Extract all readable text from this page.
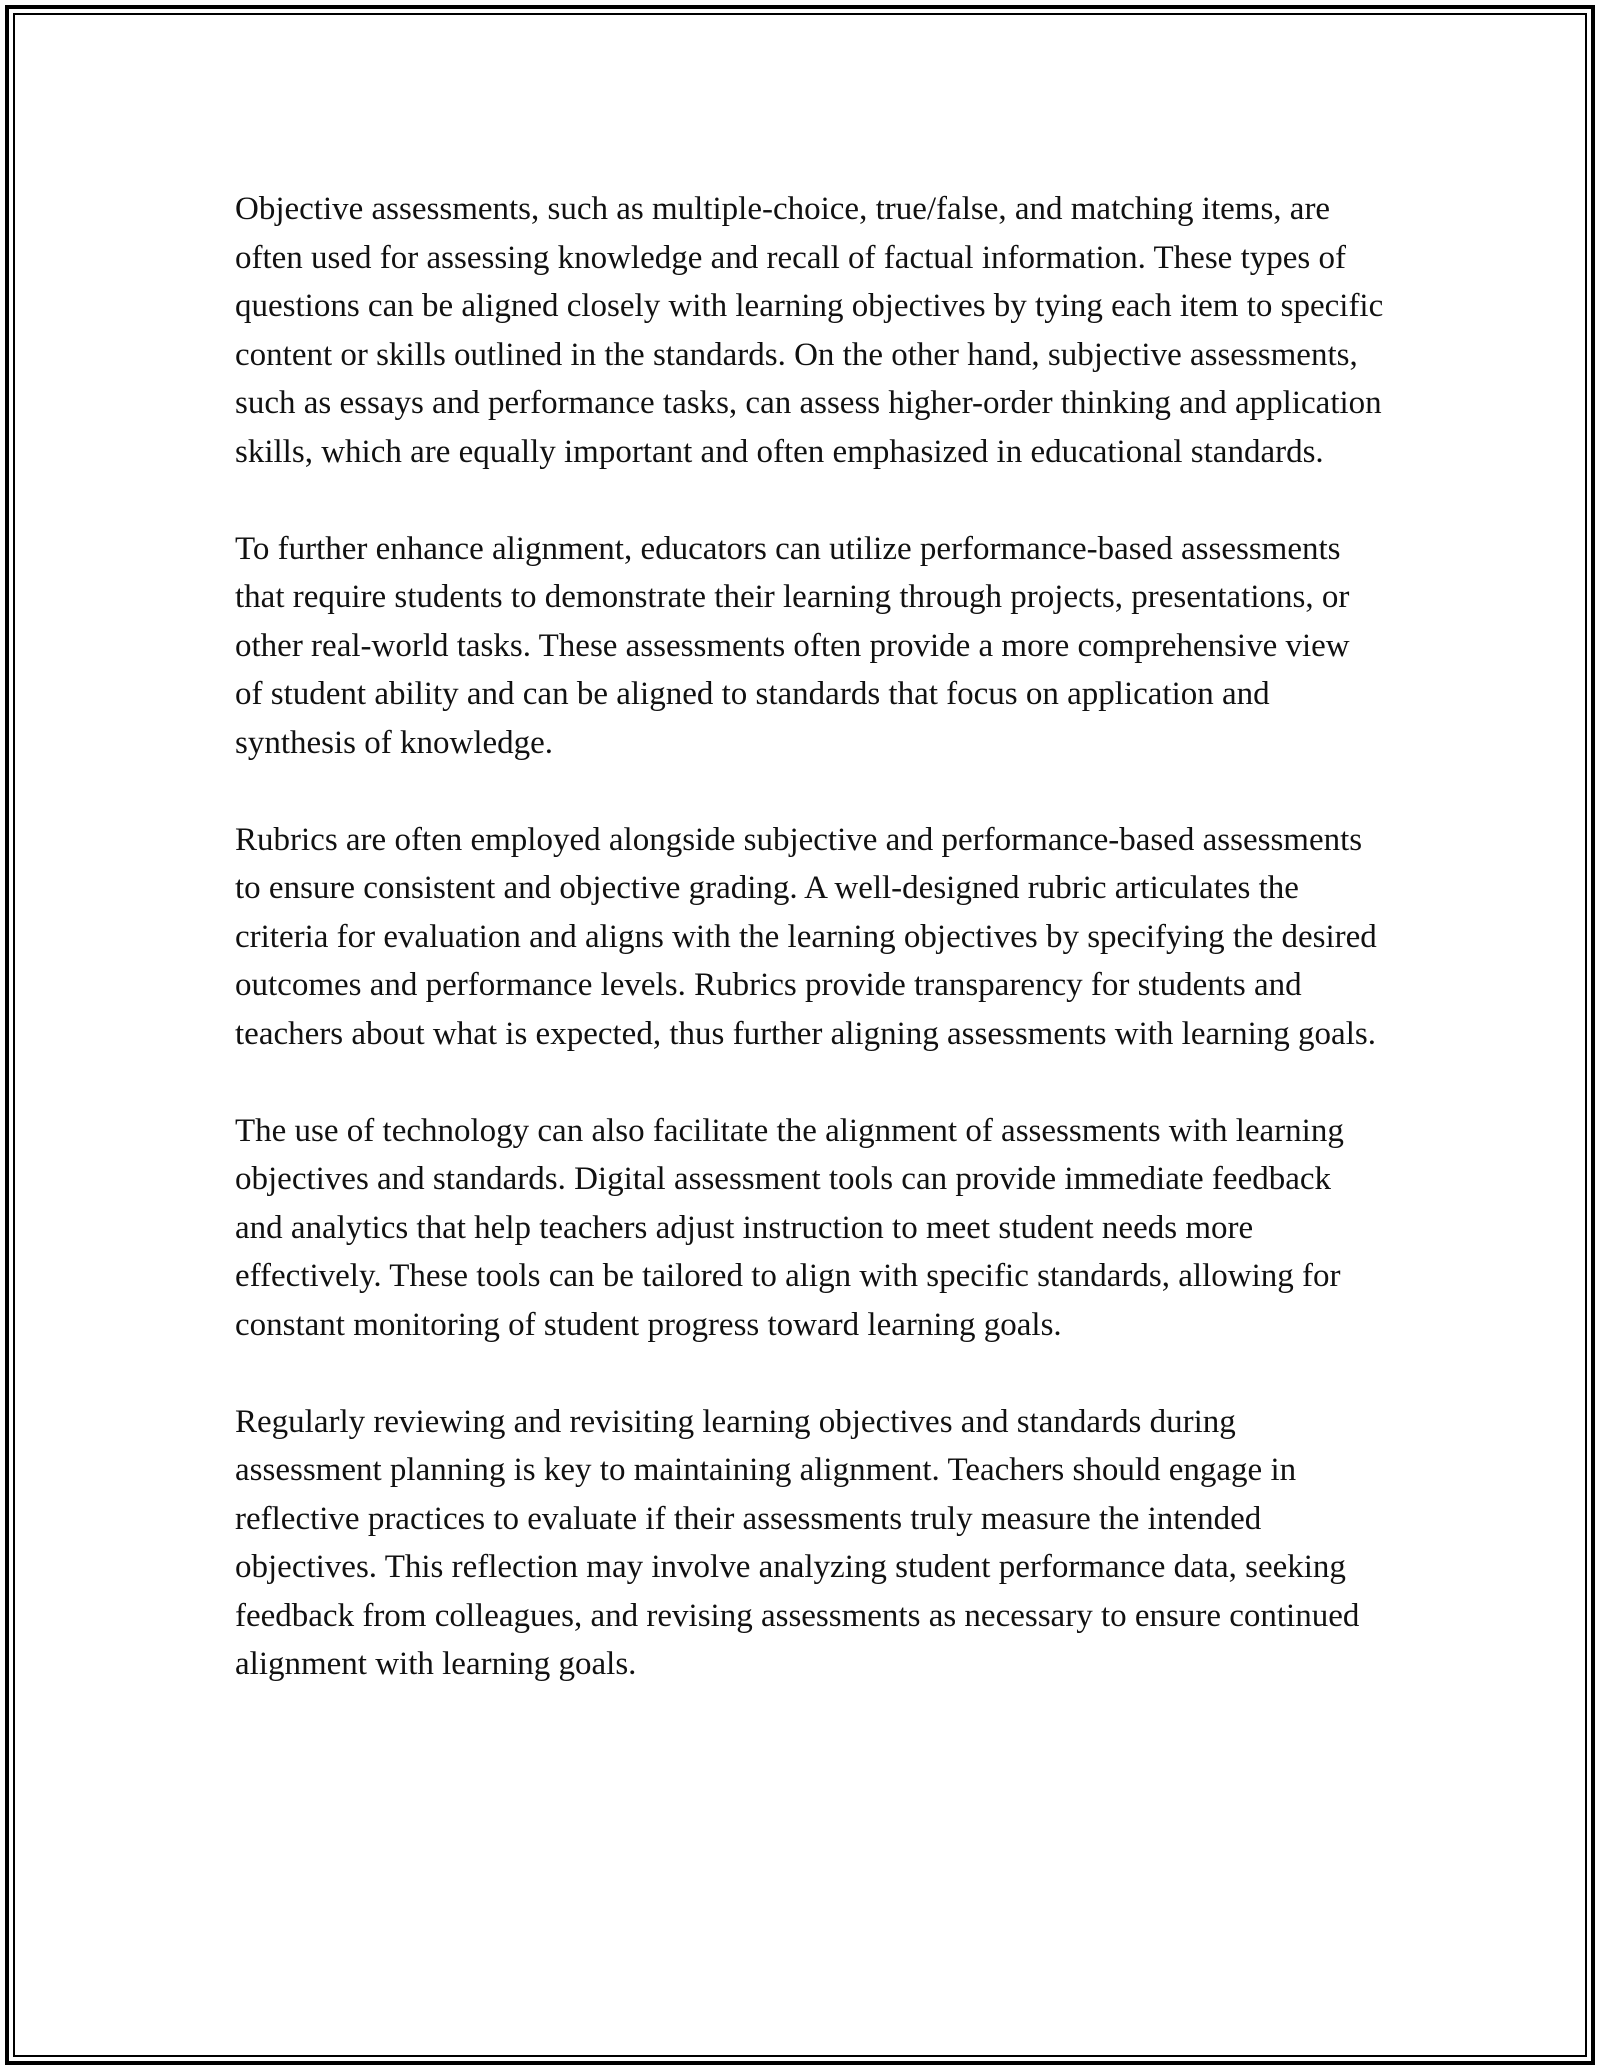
Objective assessments, such as multiple-choice, true/false, and matching items, are often used for assessing knowledge and recall of factual information. These types of questions can be aligned closely with learning objectives by tying each item to specific content or skills outlined in the standards. On the other hand, subjective assessments, such as essays and performance tasks, can assess higher-order thinking and application skills, which are equally important and often emphasized in educational standards.

To further enhance alignment, educators can utilize performance-based assessments that require students to demonstrate their learning through projects, presentations, or other real-world tasks. These assessments often provide a more comprehensive view of student ability and can be aligned to standards that focus on application and synthesis of knowledge.

Rubrics are often employed alongside subjective and performance-based assessments to ensure consistent and objective grading. A well-designed rubric articulates the criteria for evaluation and aligns with the learning objectives by specifying the desired outcomes and performance levels. Rubrics provide transparency for students and teachers about what is expected, thus further aligning assessments with learning goals.

The use of technology can also facilitate the alignment of assessments with learning objectives and standards. Digital assessment tools can provide immediate feedback and analytics that help teachers adjust instruction to meet student needs more effectively. These tools can be tailored to align with specific standards, allowing for constant monitoring of student progress toward learning goals.

Regularly reviewing and revisiting learning objectives and standards during assessment planning is key to maintaining alignment. Teachers should engage in reflective practices to evaluate if their assessments truly measure the intended objectives. This reflection may involve analyzing student performance data, seeking feedback from colleagues, and revising assessments as necessary to ensure continued alignment with learning goals.
